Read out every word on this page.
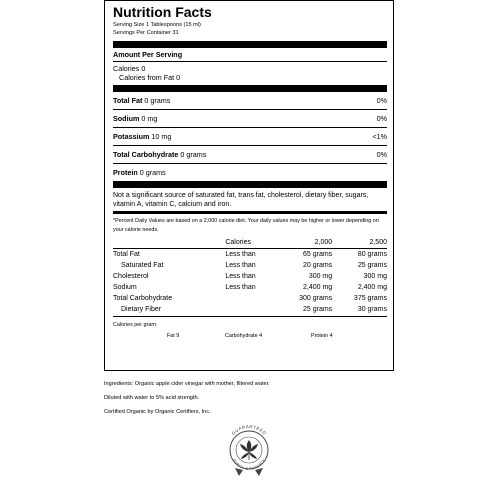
Nutrition Facts
Serving Size 1 Tablespoons (15 ml)
Servings Per Container 31
Amount Per Serving
Calories 0
Calories from Fat 0
Total Fat 0 grams	0%
Sodium 0 mg	0%
Potassium 10 mg	<1%
Total Carbohydrate 0 grams	0%
Protein 0 grams
Not a significant source of saturated fat, trans fat, cholesterol, dietary fiber, sugars, vitamin A, vitamin C, calcium and iron.
*Percent Daily Values are based on a 2,000 calorie diet. Your daily values may be higher or lower depending on your calorie needs.
	Calories	2,000	2,500
Total Fat	Less than	65 grams	80 grams
Saturated Fat	Less than	20 grams	25 grams
Cholesterol	Less than	300 mg	300 mg
Sodium	Less than	2,400 mg	2,400 mg
Total Carbohydrate		300 grams	375 grams
Dietary Fiber		25 grams	30 grams
Calories per gram:
Fat 9	Carbohydrate 4	Protein 4
Ingredients: Organic apple cider vinegar with mother, filtered water.
Diluted with water to 5% acid strength.
Certified Organic by Organic Certifiers, Inc.
GUARANTEED
PURITY & POTENCY
